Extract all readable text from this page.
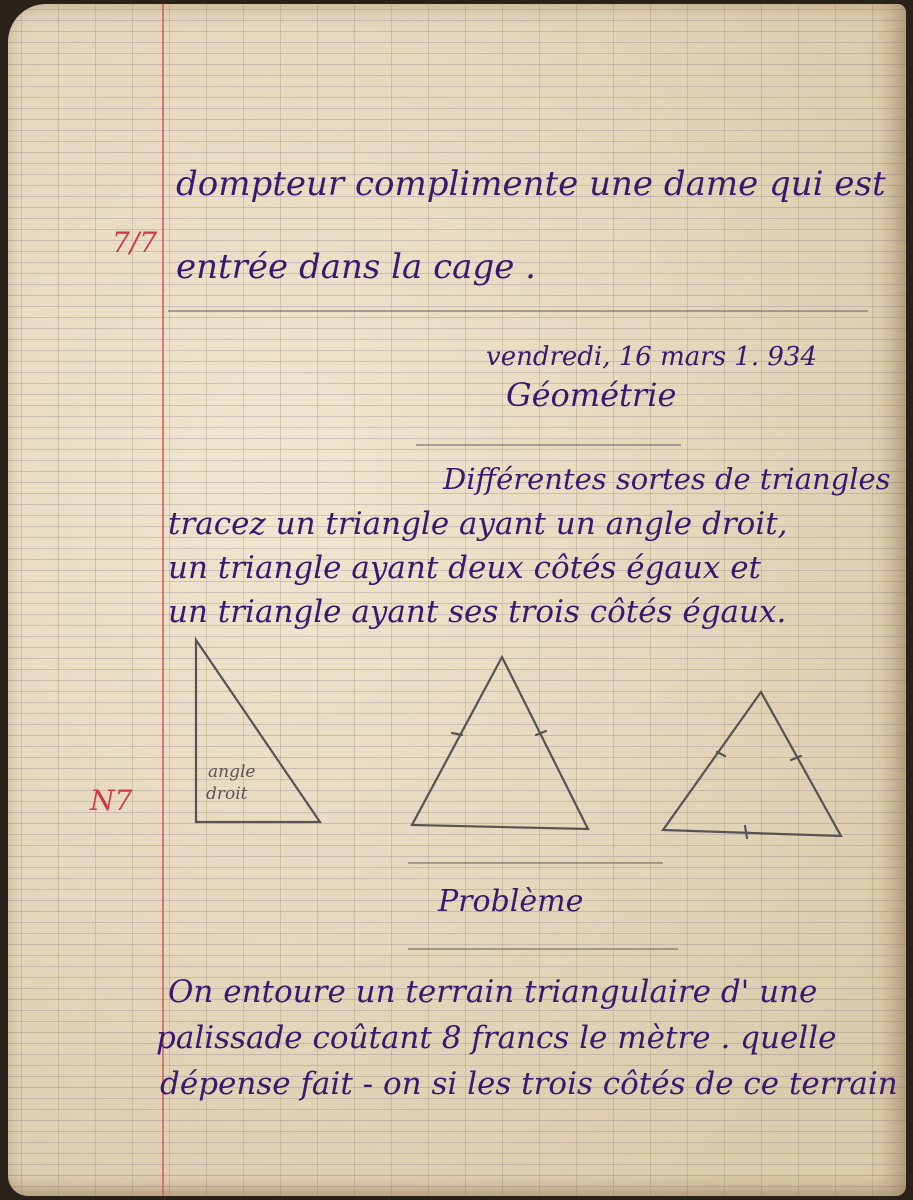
dompteur complimente une dame qui est
entrée dans la cage .
7/7
vendredi, 16 mars 1. 934
Géométrie
Différentes sortes de triangles
tracez un triangle ayant un angle droit,
un triangle ayant deux côtés égaux et
un triangle ayant ses trois côtés égaux.
angle
droit
N7
Problème
On entoure un terrain triangulaire d' une
palissade coûtant 8 francs le mètre . quelle
dépense fait - on si les trois côtés de ce terrain
